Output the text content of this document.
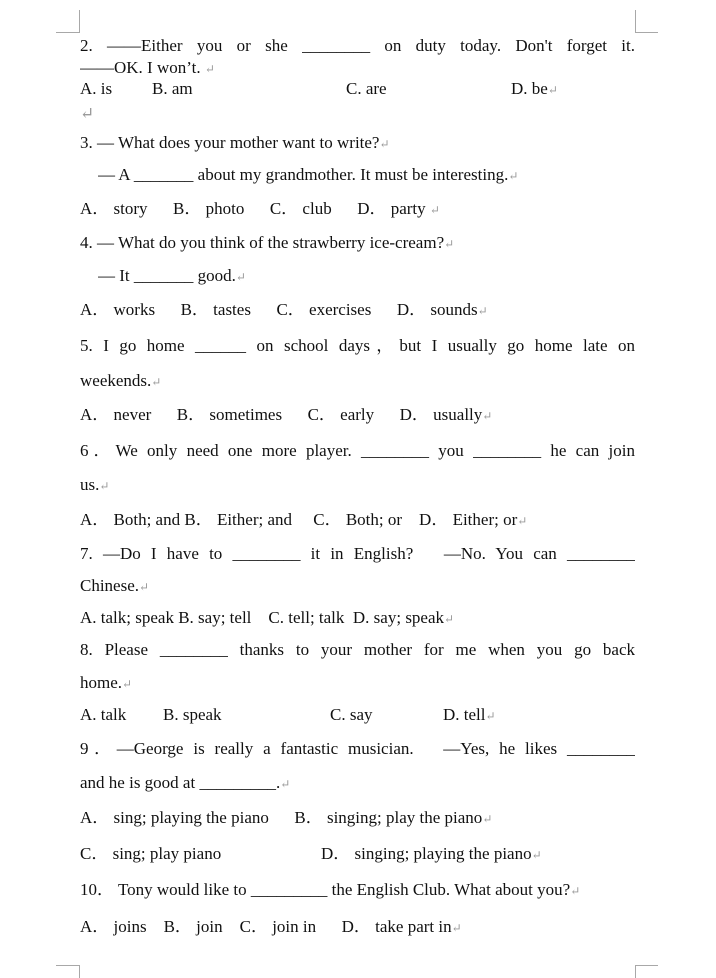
2. ——Either you or she ________ on duty today. Don't forget it.
——OK. I won’t. ↵
A. is B. am	C. are	D. be↵
↵
3. — What does your mother want to write?↵
— A _______ about my grandmother. It must be interesting.↵
A． story      B． photo      C． club      D． party ↵
4. — What do you think of the strawberry ice-cream?↵
— It _______ good.↵
A． works      B． tastes      C． exercises      D． sounds↵
5. I go home ______ on school days，but I usually go home late on
weekends.↵
A． never      B． sometimes      C． early      D． usually↵
6．We only need one more player. ________ you ________ he can join
us.↵
A． Both; and B． Either; and     C． Both; or    D． Either; or↵
7. —Do I have to ________ it in English?   —No. You can ________
Chinese.↵
A. talk; speak B. say; tell    C. tell; talk  D. say; speak↵
8. Please ________ thanks to your mother for me when you go back
home.↵
A. talk B. speak	C. say	D. tell↵
9．—George is really a fantastic musician.   —Yes, he likes ________
and he is good at _________.↵
A． sing; playing the piano      B． singing; play the piano↵
C． sing; play piano	D． singing; playing the piano↵
10． Tony would like to _________ the English Club. What about you?↵
A． joins    B． join    C． join in      D． take part in↵
